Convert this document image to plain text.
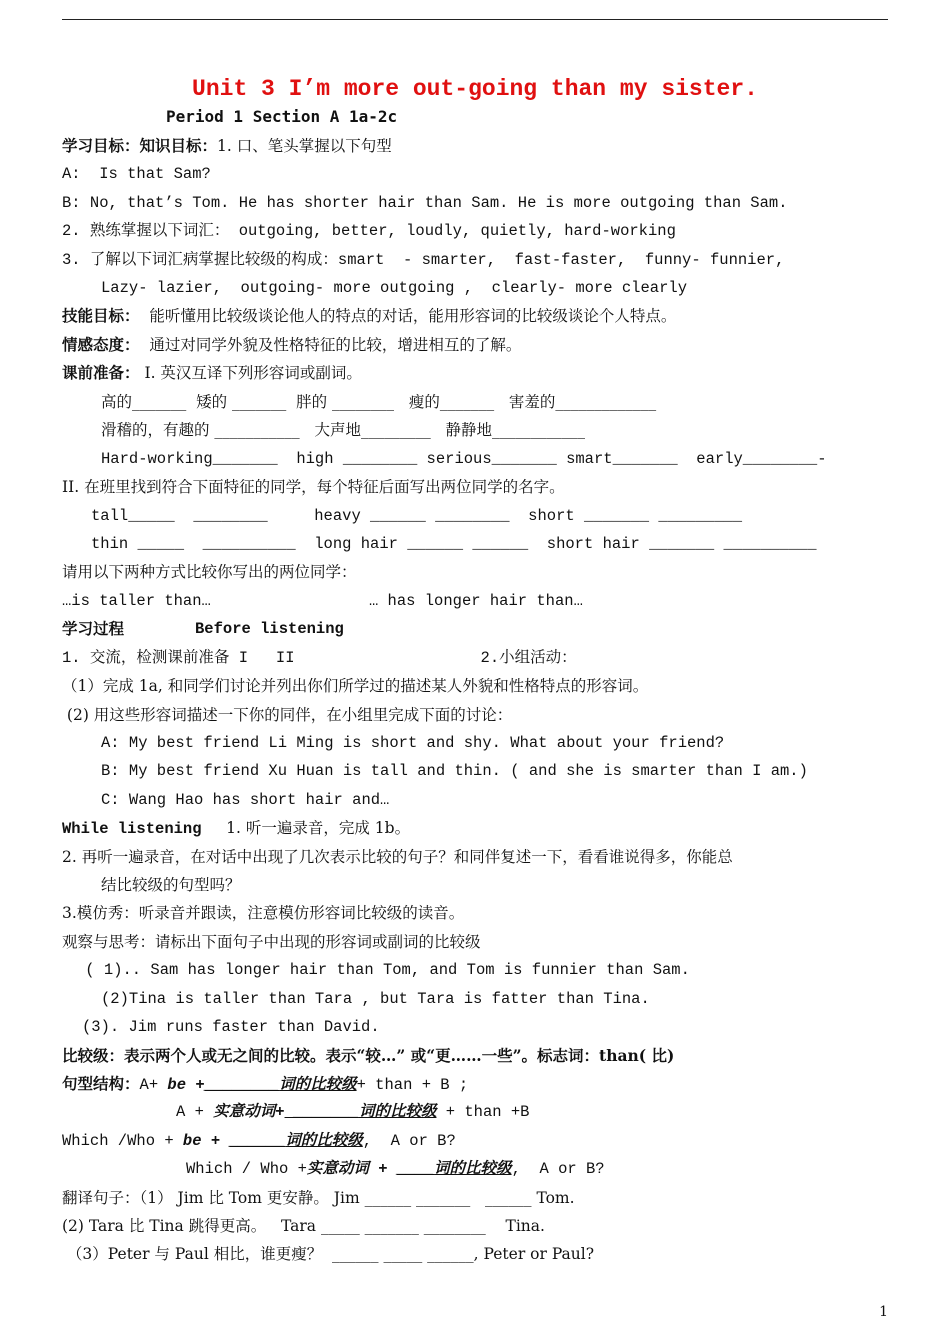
Unit 3 I’m more out-going than my sister.
Period 1 Section A 1a-2c
学习目标：知识目标：1. 口、笔头掌握以下句型
A:  Is that Sam?
B: No, that’s Tom. He has shorter hair than Sam. He is more outgoing than Sam.
2. 熟练掌握以下词汇： outgoing, better, loudly, quietly, hard-working
3. 了解以下词汇病掌握比较级的构成：smart  - smarter,  fast-faster,  funny- funnier,
Lazy- lazier,  outgoing- more outgoing ,  clearly- more clearly
技能目标：  能听懂用比较级谈论他人的特点的对话，能用形容词的比较级谈论个人特点。
情感态度：  通过对同学外貌及性格特征的比较，增进相互的了解。
课前准备： I. 英汉互译下列形容词或副词。
高的_______  矮的 _______  胖的 ________   瘦的_______   害羞的_____________
滑稽的，有趣的 ___________   大声地_________   静静地____________
Hard-working_______  high ________ serious_______ smart_______  early________-
II. 在班里找到符合下面特征的同学，每个特征后面写出两位同学的名字。
tall_____  ________     heavy ______ ________  short _______ _________
thin _____  __________  long hair ______ ______  short hair _______ __________
请用以下两种方式比较你写出的两位同学：
…is taller than…                 … has longer hair than…
学习过程	Before listening
1. 交流，检测课前准备 I   II                    2.小组活动：
（1）完成 1a, 和同学们讨论并列出你们所学过的描述某人外貌和性格特点的形容词。
(2) 用这些形容词描述一下你的同伴，在小组里完成下面的讨论：
A: My best friend Li Ming is short and shy. What about your friend?
B: My best friend Xu Huan is tall and thin. ( and she is smarter than I am.)
C: Wang Hao has short hair and…
While listening     1. 听一遍录音，完成 1b。
2. 再听一遍录音，在对话中出现了几次表示比较的句子？和同伴复述一下，看看谁说得多，你能总
结比较级的句型吗？
3.模仿秀：听录音并跟读，注意模仿形容词比较级的读音。
观察与思考：请标出下面句子中出现的形容词或副词的比较级
( 1).. Sam has longer hair than Tom, and Tom is funnier than Sam.
(2)Tina is taller than Tara , but Tara is fatter than Tina.
(3). Jim runs faster than David.
比较级：表示两个人或无之间的比较。表示“较…” 或“更……一些”。标志词：than( 比)
句型结构：A+ be +________词的比较级+ than + B ;
A + 实意动词+ _______词的比较级 + than +B
Which /Who + be + ______词的比较级,  A or B?
Which / Who +实意动词 + ____词的比较级,  A or B?
翻译句子：（1） Jim 比 Tom 更安静。 Jim ______ _______   ______ Tom.
(2) Tara 比 Tina 跳得更高。   Tara _____ _______ ________    Tina.
（3）Peter 与 Paul 相比，谁更瘦？  ______ _____ ______, Peter or Paul?
1
